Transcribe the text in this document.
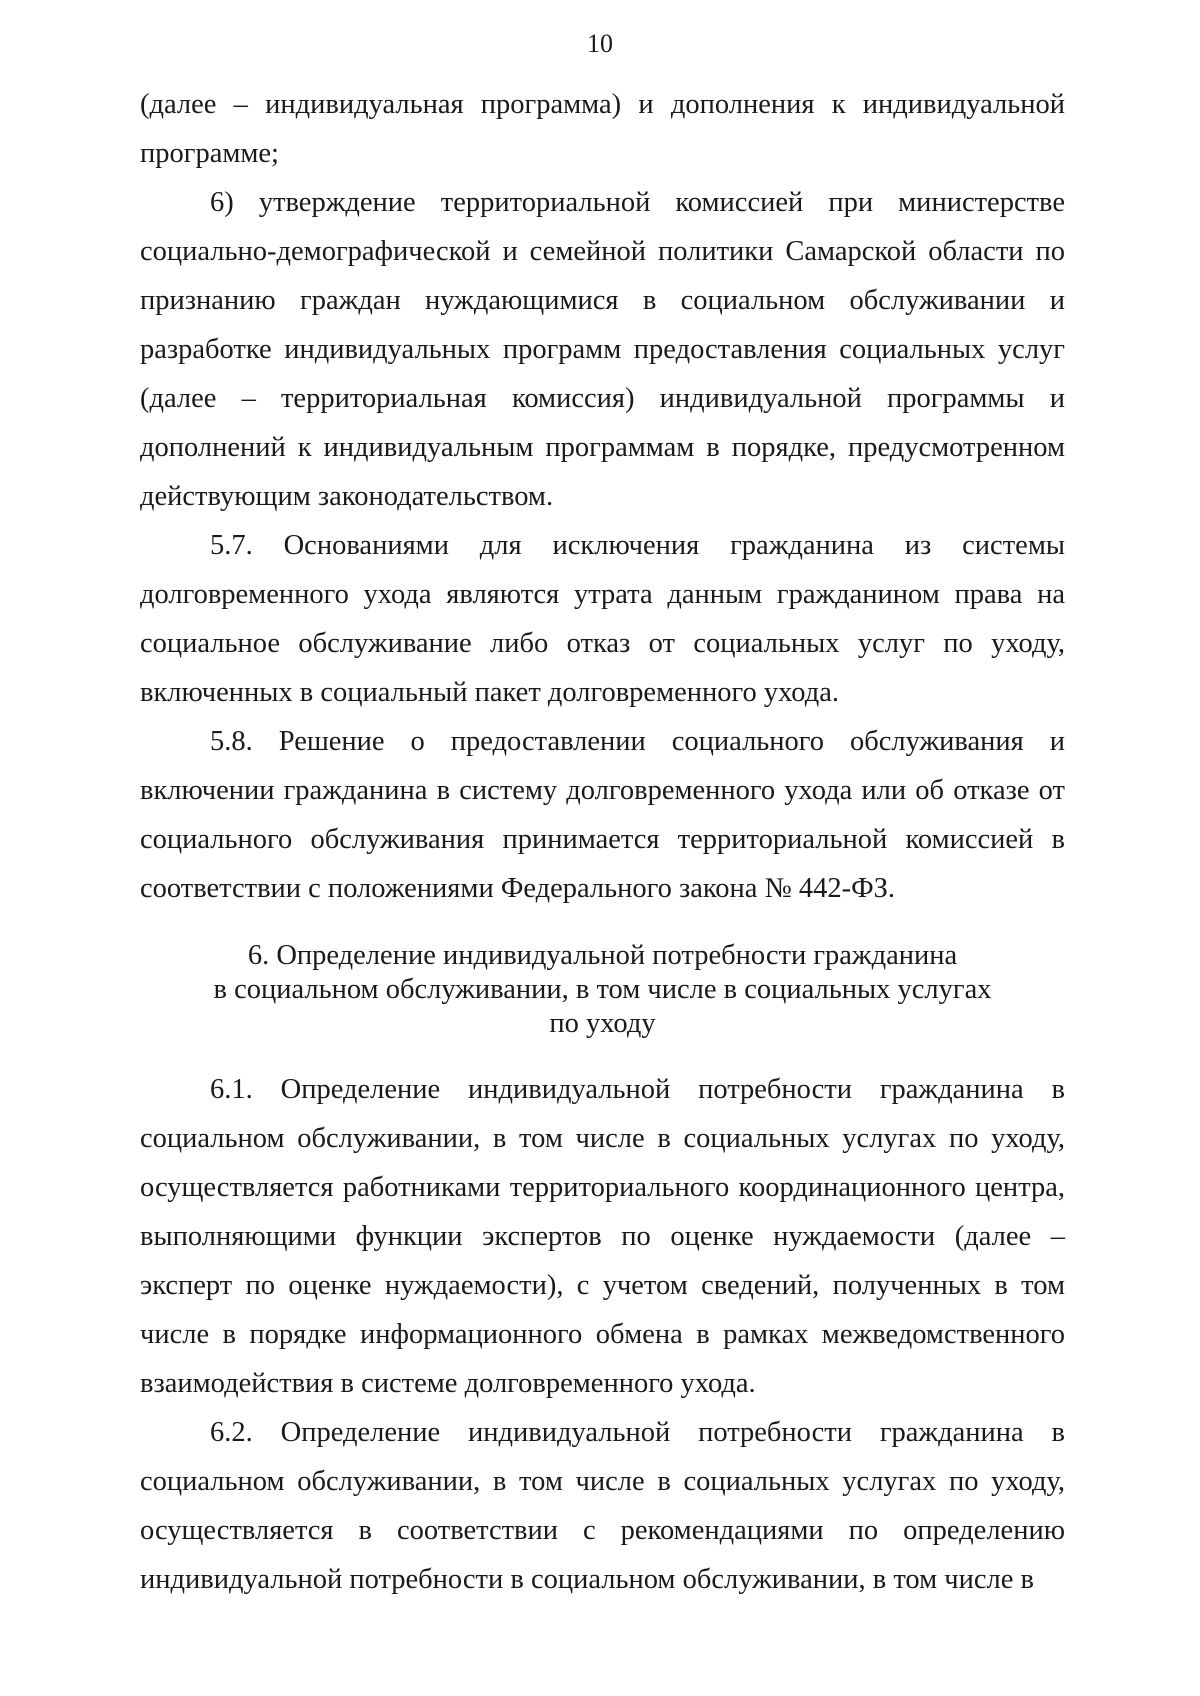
10

(далее – индивидуальная программа) и дополнения к индивидуальной программе;

6) утверждение территориальной комиссией при министерстве социально-демографической и семейной политики Самарской области по признанию граждан нуждающимися в социальном обслуживании и разработке индивидуальных программ предоставления социальных услуг (далее – территориальная комиссия) индивидуальной программы и дополнений к индивидуальным программам в порядке, предусмотренном действующим законодательством.

5.7. Основаниями для исключения гражданина из системы долговременного ухода являются утрата данным гражданином права на социальное обслуживание либо отказ от социальных услуг по уходу, включенных в социальный пакет долговременного ухода.

5.8. Решение о предоставлении социального обслуживания и включении гражданина в систему долговременного ухода или об отказе от социального обслуживания принимается территориальной комиссией в соответствии с положениями Федерального закона № 442-ФЗ.

6. Определение индивидуальной потребности гражданина
в социальном обслуживании, в том числе в социальных услугах
по уходу

6.1. Определение индивидуальной потребности гражданина в социальном обслуживании, в том числе в социальных услугах по уходу, осуществляется работниками территориального координационного центра, выполняющими функции экспертов по оценке нуждаемости (далее – эксперт по оценке нуждаемости), с учетом сведений, полученных в том числе в порядке информационного обмена в рамках межведомственного взаимодействия в системе долговременного ухода.

6.2. Определение индивидуальной потребности гражданина в социальном обслуживании, в том числе в социальных услугах по уходу, осуществляется в соответствии с рекомендациями по определению индивидуальной потребности в социальном обслуживании, в том числе в
